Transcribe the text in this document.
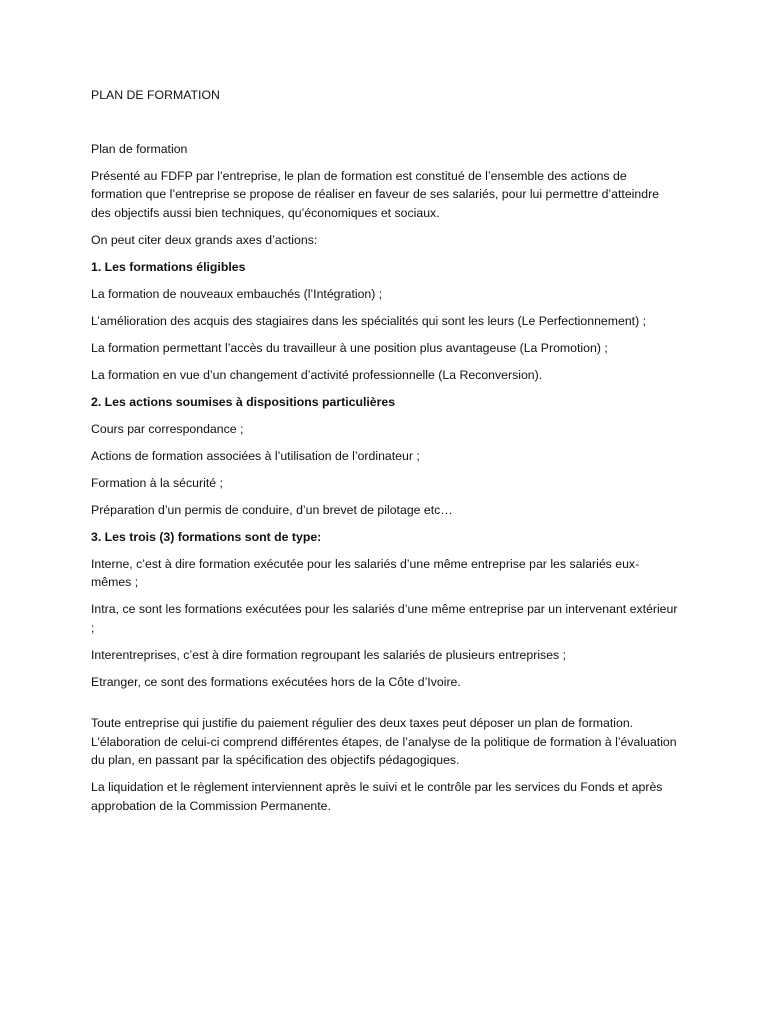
PLAN DE FORMATION

Plan de formation

Présenté au FDFP par l’entreprise, le plan de formation est constitué de l’ensemble des actions de formation que l’entreprise se propose de réaliser en faveur de ses salariés, pour lui permettre d’atteindre des objectifs aussi bien techniques, qu’économiques et sociaux.

On peut citer deux grands axes d’actions:

1. Les formations éligibles

La formation de nouveaux embauchés (l’Intégration) ;

L’amélioration des acquis des stagiaires dans les spécialités qui sont les leurs (Le Perfectionnement) ;

La formation permettant l’accès du travailleur à une position plus avantageuse (La Promotion) ;

La formation en vue d’un changement d’activité professionnelle (La Reconversion).

2. Les actions soumises à dispositions particulières

Cours par correspondance ;

Actions de formation associées à l’utilisation de l’ordinateur ;

Formation à la sécurité ;

Préparation d’un permis de conduire, d’un brevet de pilotage etc…

3. Les trois (3) formations sont de type:

Interne, c’est à dire formation exécutée pour les salariés d’une même entreprise par les salariés eux-mêmes ;

Intra, ce sont les formations exécutées pour les salariés d’une même entreprise par un intervenant extérieur ;

Interentreprises, c’est à dire formation regroupant les salariés de plusieurs entreprises ;

Etranger, ce sont des formations exécutées hors de la Côte d’Ivoire.

Toute entreprise qui justifie du paiement régulier des deux taxes peut déposer un plan de formation. L’élaboration de celui-ci comprend différentes étapes, de l’analyse de la politique de formation à l’évaluation du plan, en passant par la spécification des objectifs pédagogiques.

La liquidation et le règlement interviennent après le suivi et le contrôle par les services du Fonds et après approbation de la Commission Permanente.
